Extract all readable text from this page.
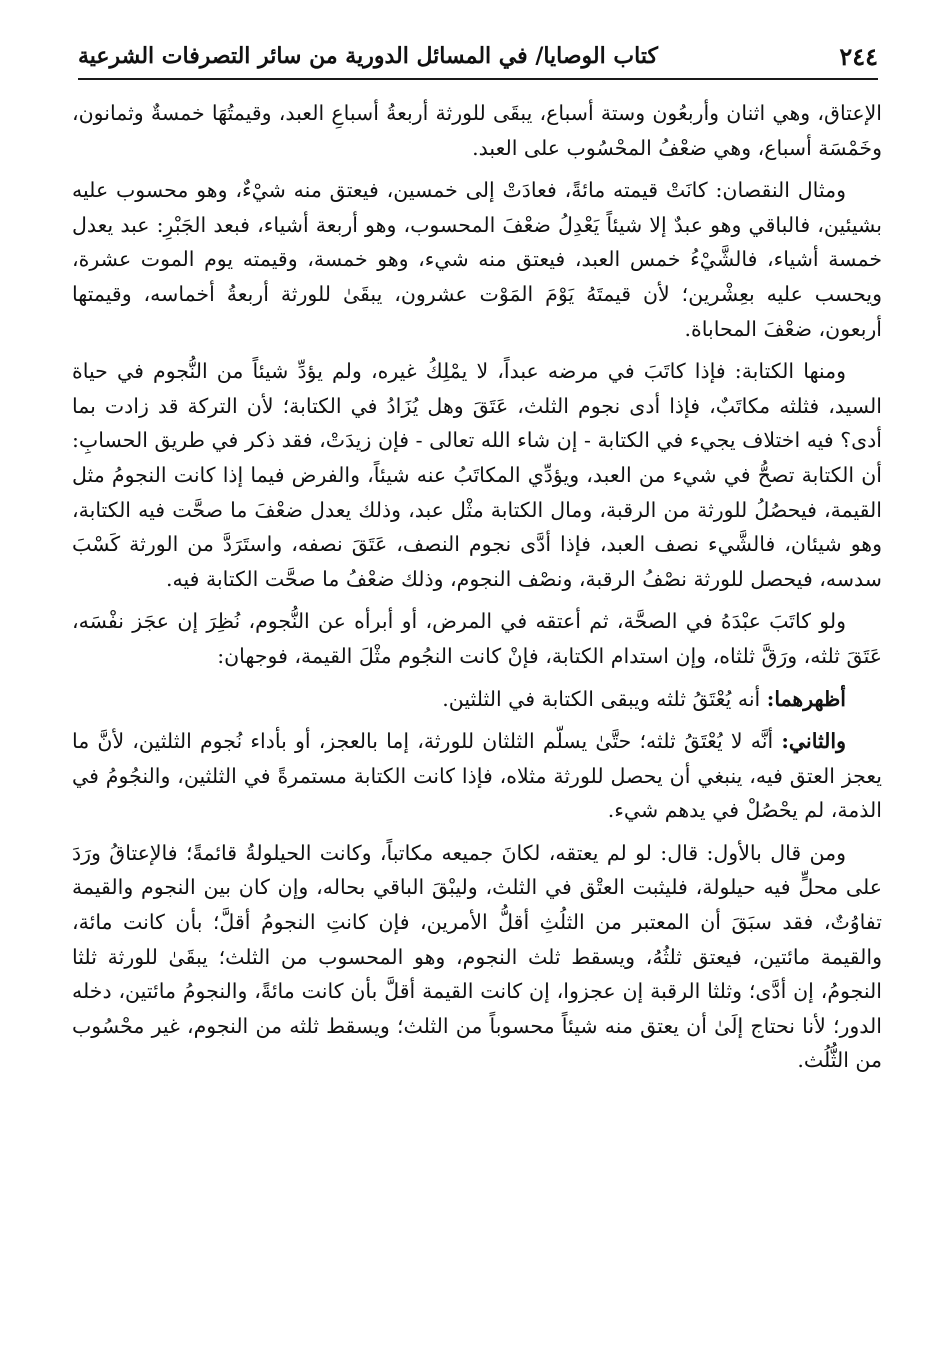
٢٤٤
كتاب الوصايا/ في المسائل الدورية من سائر التصرفات الشرعية

الإعتاق، وهي اثنان وأربعُون وستة أسباع، يبقَى للورثة أربعةُ أسباعِ العبد، وقيمتُهَا خمسةٌ وثمانون، وخَمْسَة أسباع، وهي ضعْفُ المحْسُوب على العبد.

ومثال النقصان: كانَتْ قيمته مائةً، فعادَتْ إلى خمسين، فيعتق منه شيْءٌ، وهو محسوب عليه بشيئين، فالباقي وهو عبدٌ إلا شيئاً يَعْدِلُ ضعْفَ المحسوب، وهو أربعة أشياء، فبعد الجَبْرِ: عبد يعدل خمسة أشياء، فالشَّيْءُ خمس العبد، فيعتق منه شيء، وهو خمسة، وقيمته يوم الموت عشرة، ويحسب عليه بعِشْرين؛ لأن قيمتَهُ يَوْمَ المَوْت عشرون، يبقَىٰ للورثة أربعةُ أخماسه، وقيمتها أربعون، ضعْفَ المحاباة.

ومنها الكتابة: فإذا كاتَبَ في مرضه عبداً، لا يمْلِكُ غيره، ولم يؤدِّ شيئاً من النُّجوم في حياة السيد، فثلثه مكاتَبٌ، فإذا أدى نجوم الثلث، عَتَقَ وهل يُزَادُ في الكتابة؛ لأن التركة قد زادت بما أدى؟ فيه اختلاف يجيء في الكتابة - إن شاء الله تعالى - فإن زيدَتْ، فقد ذكر في طريق الحسابِ: أن الكتابة تصحُّ في شيء من العبد، ويؤدِّي المكاتَبُ عنه شيئاً، والفرض فيما إذا كانت النجومُ مثل القيمة، فيحصُلُ للورثة من الرقبة، ومال الكتابة مثْل عبد، وذلك يعدل ضعْفَ ما صحَّت فيه الكتابة، وهو شيئان، فالشَّيء نصف العبد، فإذا أدَّى نجوم النصف، عَتَقَ نصفه، واستَرَدَّ من الورثة كَسْبَ سدسه، فيحصل للورثة نصْفُ الرقبة، ونصْف النجوم، وذلك ضعْفُ ما صحَّت الكتابة فيه.

ولو كاتَبَ عبْدَهُ في الصحَّة، ثم أعتقه في المرض، أو أبرأه عن النُّجوم، نُظِرَ إن عجَز نفْسَه، عَتَقَ ثلثه، ورَقَّ ثلثاه، وإن استدام الكتابة، فإنْ كانت النجُوم مثْلَ القيمة، فوجهان:

أظهرهما: أنه يُعْتَقُ ثلثه ويبقى الكتابة في الثلثين.

والثاني: أنَّه لا يُعْتَقُ ثلثه؛ حتَّىٰ يسلّم الثلثان للورثة، إما بالعجز، أو بأداء نُجوم الثلثين، لأنَّ ما يعجز العتق فيه، ينبغي أن يحصل للورثة مثلاه، فإذا كانت الكتابة مستمرةً في الثلثين، والنجُومُ في الذمة، لم يحْصُلْ في يدهم شيء.

ومن قال بالأول: قال: لو لم يعتقه، لكانَ جميعه مكاتباً، وكانت الحيلولةُ قائمةً؛ فالإعتاقُ ورَدَ على محلٍّ فيه حيلولة، فليثبت العتْق في الثلث، وليبْقَ الباقي بحاله، وإن كان بين النجوم والقيمة تفاوُتٌ، فقد سبَقَ أن المعتبر من الثلُثِ أقلُّ الأمرين، فإن كانتِ النجومُ أقلَّ؛ بأن كانت مائة، والقيمة مائتين، فيعتق ثلثُهُ، ويسقط ثلث النجوم، وهو المحسوب من الثلث؛ يبقَىٰ للورثة ثلثا النجومُ، إن أدَّى؛ وثلثا الرقبة إن عجزوا، إن كانت القيمة أقلَّ بأن كانت مائةً، والنجومُ مائتين، دخله الدور؛ لأنا نحتاج إلَىٰ أن يعتق منه شيئاً محسوباً من الثلث؛ ويسقط ثلثه من النجوم، غير محْسُوب من الثُّلُث.
